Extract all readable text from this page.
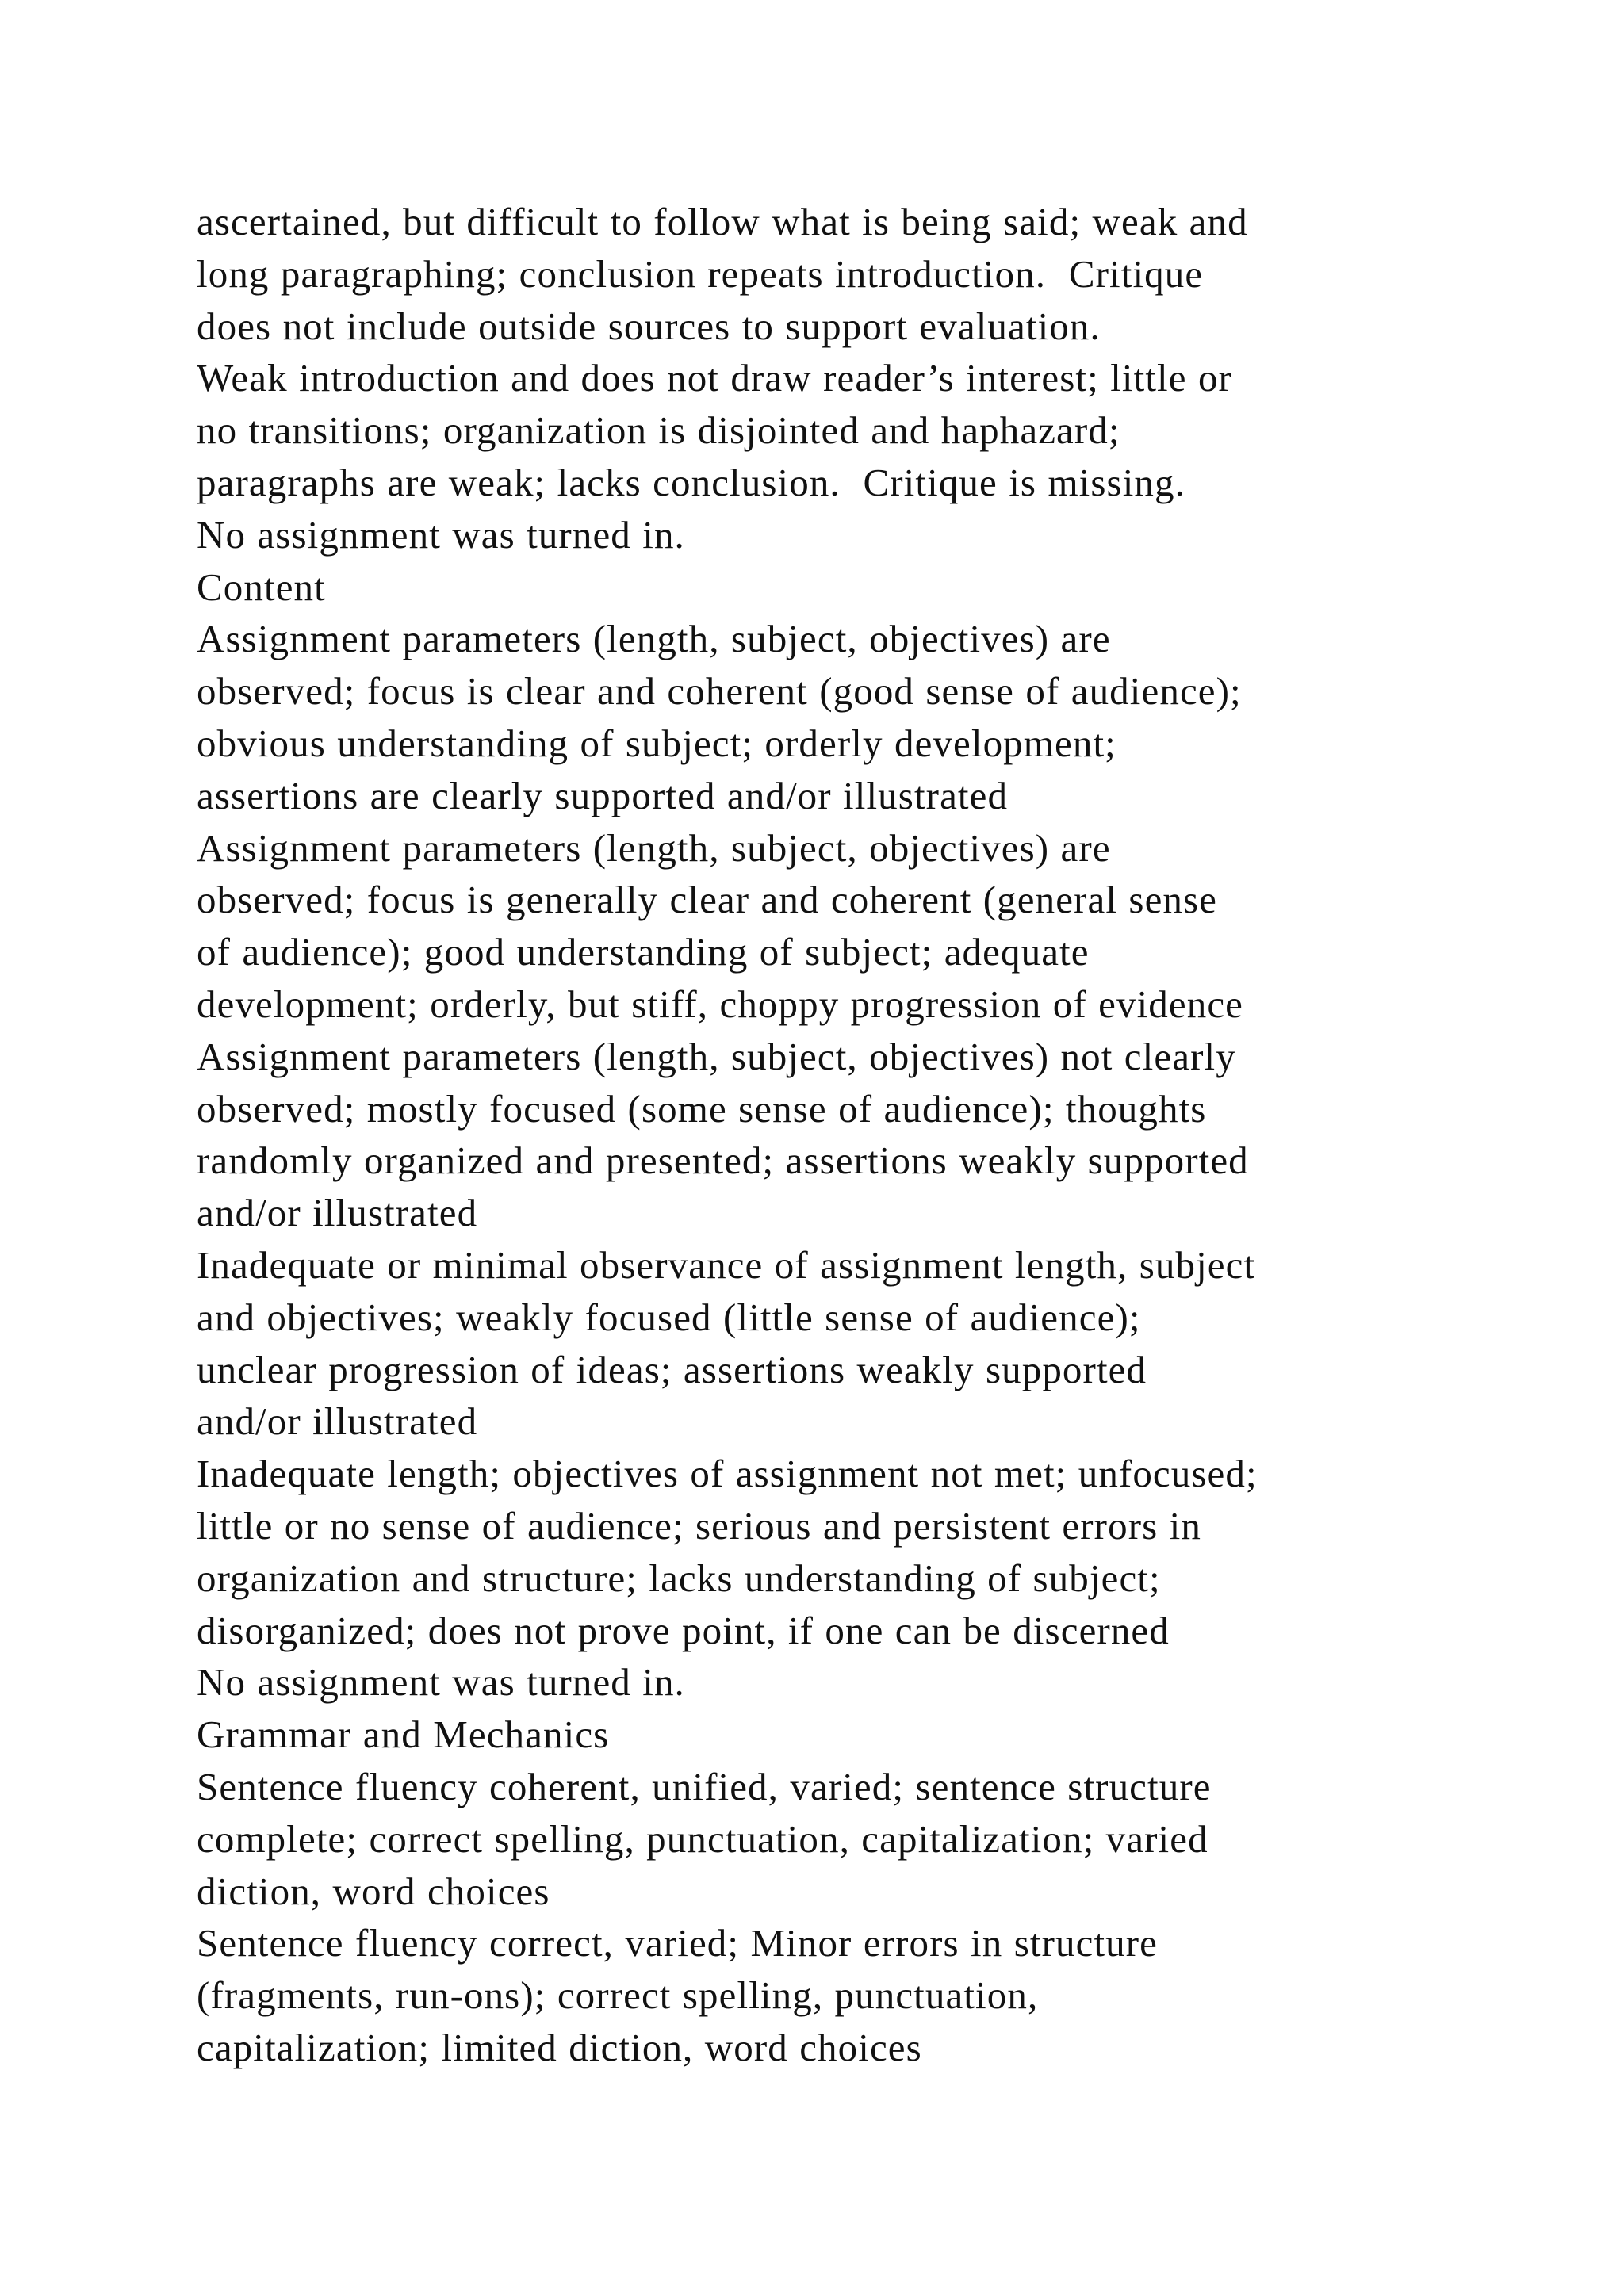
ascertained, but difficult to follow what is being said; weak and
long paragraphing; conclusion repeats introduction.  Critique
does not include outside sources to support evaluation.
Weak introduction and does not draw reader’s interest; little or
no transitions; organization is disjointed and haphazard;
paragraphs are weak; lacks conclusion.  Critique is missing.
No assignment was turned in.
Content
Assignment parameters (length, subject, objectives) are
observed; focus is clear and coherent (good sense of audience);
obvious understanding of subject; orderly development;
assertions are clearly supported and/or illustrated
Assignment parameters (length, subject, objectives) are
observed; focus is generally clear and coherent (general sense
of audience); good understanding of subject; adequate
development; orderly, but stiff, choppy progression of evidence
Assignment parameters (length, subject, objectives) not clearly
observed; mostly focused (some sense of audience); thoughts
randomly organized and presented; assertions weakly supported
and/or illustrated
Inadequate or minimal observance of assignment length, subject
and objectives; weakly focused (little sense of audience);
unclear progression of ideas; assertions weakly supported
and/or illustrated
Inadequate length; objectives of assignment not met; unfocused;
little or no sense of audience; serious and persistent errors in
organization and structure; lacks understanding of subject;
disorganized; does not prove point, if one can be discerned
No assignment was turned in.
Grammar and Mechanics
Sentence fluency coherent, unified, varied; sentence structure
complete; correct spelling, punctuation, capitalization; varied
diction, word choices
Sentence fluency correct, varied; Minor errors in structure
(fragments, run-ons); correct spelling, punctuation,
capitalization; limited diction, word choices
